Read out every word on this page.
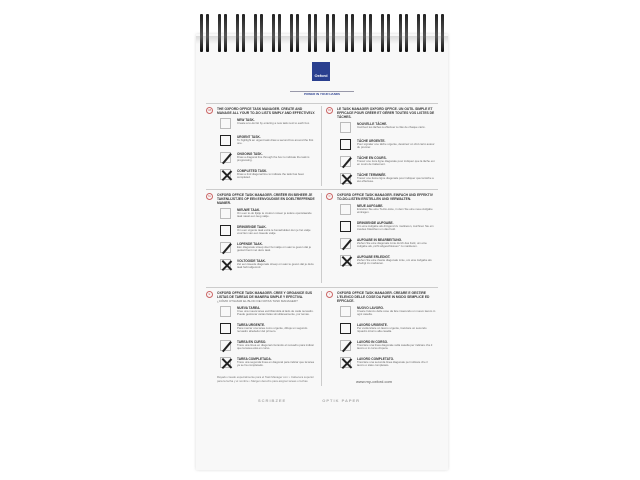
Oxford
POWER IN YOUR HANDS
GB	THE OXFORD OFFICE TASK MANAGER. CREATE AND MANAGE ALL YOUR TO-DO LISTS SIMPLY AND EFFECTIVELY.
NEW TASK.
Create a to-do list by entering a new task next to each box.
URGENT TASK.
To highlight an urgent task draw a second box around the first one.
ONGOING TASK.
Draw a diagonal line through the box to indicate the task is progressing.
COMPLETED TASK.
Draw a 2nd diagonal line to indicate the task has been completed.
FR	LE TASK MANAGER OXFORD OFFICE. UN OUTIL SIMPLE ET EFFICACE POUR CRÉER ET GÉRER TOUTES VOS LISTES DE TÂCHES.
NOUVELLE TÂCHE.
Inscrivez les tâches à effectuer à côté de chaque carré.
TÂCHE URGENTE.
Pour signaler une tâche urgente, dessinez un 2nd carré autour du premier.
TÂCHE EN COURS.
Tracez une 1ère ligne diagonale pour indiquer que la tâche est en cours de traitement.
TÂCHE TERMINÉE.
Tracez une 2ème ligne diagonale pour indiquer que la tâche a été effectuée.
NL	OXFORD OFFICE TASK MANAGER. CREËER EN BEHEER JE TAKENLIJSTJES OP EEN EENVOUDIGE EN DOELTREFFENDE MANIER.
NIEUWE TAAK.
Om een to-do lijstje te creëren noteer je iedere openstaande taak naast een leeg vakje.
DRINGENDE TAAK.
Om een urgente taak extra te benadrukken kun je het vakje voorzien van een tweede vakje.
LOPENDE TAAK.
Eén diagonale streep door het vakje om aan te geven dat je gestart bent met deze taak.
VOLTOOIDE TAAK.
Zet een tweede diagonale streep om aan te geven dat je deze taak hebt afgerond.
D	OXFORD OFFICE TASK MANAGER. EINFACH UND EFFEKTIV TO-DO-LISTEN ERSTELLEN UND VERWALTEN.
NEUE AUFGABE.
Erstellen Sie eine To-Do-Liste, in dem Sie eine neue Aufgabe eintragen.
DRINGENDE AUFGABE.
Um eine Aufgabe als dringend zu markieren, zeichnen Sie ein zweites Kästchen um das Feld.
AUFGABE IN BEARBEITUNG.
Ziehen Sie eine diagonale Linie durch das Feld, um eine Aufgabe als „nicht abgeschlossen" zu markieren.
AUFGABE ERLEDIGT.
Ziehen Sie eine zweite diagonale Linie, um eine Aufgabe als erledigt zu markieren.
E	OXFORD OFFICE TASK MANAGER. CREE Y ORGANICE SUS LISTAS DE TAREAS DE MANERA SIMPLE Y EFECTIVA.
¿CÓMO UTILIZAR EL BLOC DE NOTAS TASK MANAGER?
NUEVA TAREA.
Cree una nueva tarea escribiéndola al lado de cada recuadro. Puede gestionar varias listas simultáneamente, por temas.
TAREA URGENTE.
Para marcar una tarea como urgente, dibuje un segundo recuadro alrededor del primero.
TAREA EN CURSO.
Trace una línea en diagonal cruzando el recuadro para indicar que la tarea está en curso.
TAREA COMPLETADA.
Trace una segunda línea en diagonal para indicar que la tarea ya se ha completado.
Rayado creado especialmente para el Task Manager con: • Cabecera superior para la fecha y el nombre • Margen derecho para asignar tareas o fechas
I	OXFORD OFFICE TASK MANAGER. CREARE E GESTIRE L'ELENCO DELLE COSE DA FARE IN MODO SEMPLICE ED EFFICACE.
NUOVO LAVORO.
Creare l'elenco delle cose da fare inserendo un nuovo lavoro in ogni casella.
LAVORO URGENTE.
Per evidenziare un lavoro urgente, tracciare un secondo riquadro intorno alla casella.
LAVORO IN CORSO.
Tracciare una linea diagonale sulla casella per indicare che il lavoro è in corso d'opera.
LAVORO COMPLETATO.
Tracciare una seconda linea diagonale per indicare che il lavoro è stato completato.
www.my-oxford.com
SCRIBZEE	OPTIK PAPER
